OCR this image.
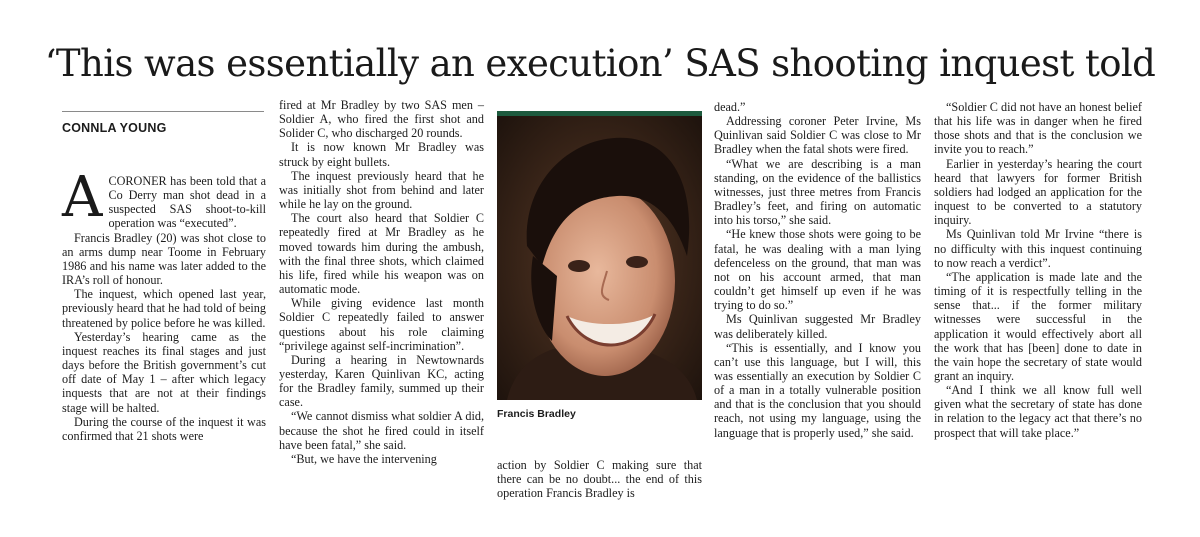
‘This was essentially an execution’ SAS shooting inquest told

CONNLA YOUNG

A CORONER has been told that a Co Derry man shot dead in a suspected SAS shoot-to-kill operation was “executed”.

Francis Bradley (20) was shot close to an arms dump near Toome in February 1986 and his name was later added to the IRA’s roll of honour.

The inquest, which opened last year, previously heard that he had told of being threatened by police before he was killed.

Yesterday’s hearing came as the inquest reaches its final stages and just days before the British government’s cut off date of May 1 – after which legacy inquests that are not at their findings stage will be halted.

During the course of the inquest it was confirmed that 21 shots were

fired at Mr Bradley by two SAS men – Soldier A, who fired the first shot and Solider C, who discharged 20 rounds.

It is now known Mr Bradley was struck by eight bullets.

The inquest previously heard that he was initially shot from behind and later while he lay on the ground.

The court also heard that Soldier C repeatedly fired at Mr Bradley as he moved towards him during the ambush, with the final three shots, which claimed his life, fired while his weapon was on automatic mode.

While giving evidence last month Soldier C repeatedly failed to answer questions about his role claiming “privilege against self-incrimination”.

During a hearing in Newtownards yesterday, Karen Quinlivan KC, acting for the Bradley family, summed up their case.

“We cannot dismiss what soldier A did, because the shot he fired could in itself have been fatal,” she said.

“But, we have the intervening

Francis Bradley

action by Soldier C making sure that there can be no doubt... the end of this operation Francis Bradley is

dead.”

Addressing coroner Peter Irvine, Ms Quinlivan said Soldier C was close to Mr Bradley when the fatal shots were fired.

“What we are describing is a man standing, on the evidence of the ballistics witnesses, just three metres from Francis Bradley’s feet, and firing on automatic into his torso,” she said.

“He knew those shots were going to be fatal, he was dealing with a man lying defenceless on the ground, that man was not on his account armed, that man couldn’t get himself up even if he was trying to do so.”

Ms Quinlivan suggested Mr Bradley was deliberately killed.

“This is essentially, and I know you can’t use this language, but I will, this was essentially an execution by Soldier C of a man in a totally vulnerable position and that is the conclusion that you should reach, not using my language, using the language that is properly used,” she said.

“Soldier C did not have an honest belief that his life was in danger when he fired those shots and that is the conclusion we invite you to reach.”

Earlier in yesterday’s hearing the court heard that lawyers for former British soldiers had lodged an application for the inquest to be converted to a statutory inquiry.

Ms Quinlivan told Mr Irvine “there is no difficulty with this inquest continuing to now reach a verdict”.

“The application is made late and the timing of it is respectfully telling in the sense that... if the former military witnesses were successful in the application it would effectively abort all the work that has [been] done to date in the vain hope the secretary of state would grant an inquiry.

“And I think we all know full well given what the secretary of state has done in relation to the legacy act that there’s no prospect that will take place.”
